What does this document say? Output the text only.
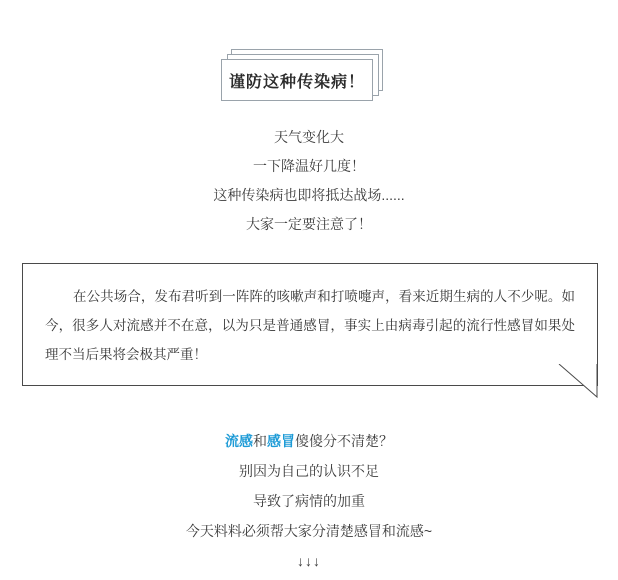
谨防这种传染病！

天气变化大

一下降温好几度！

这种传染病也即将抵达战场......

大家一定要注意了！

在公共场合，发布君听到一阵阵的咳嗽声和打喷嚏声，看来近期生病的人不少呢。如今，很多人对流感并不在意，以为只是普通感冒，事实上由病毒引起的流行性感冒如果处理不当后果将会极其严重！

流感和感冒傻傻分不清楚？

别因为自己的认识不足

导致了病情的加重

今天料料必须帮大家分清楚感冒和流感~

↓↓↓
